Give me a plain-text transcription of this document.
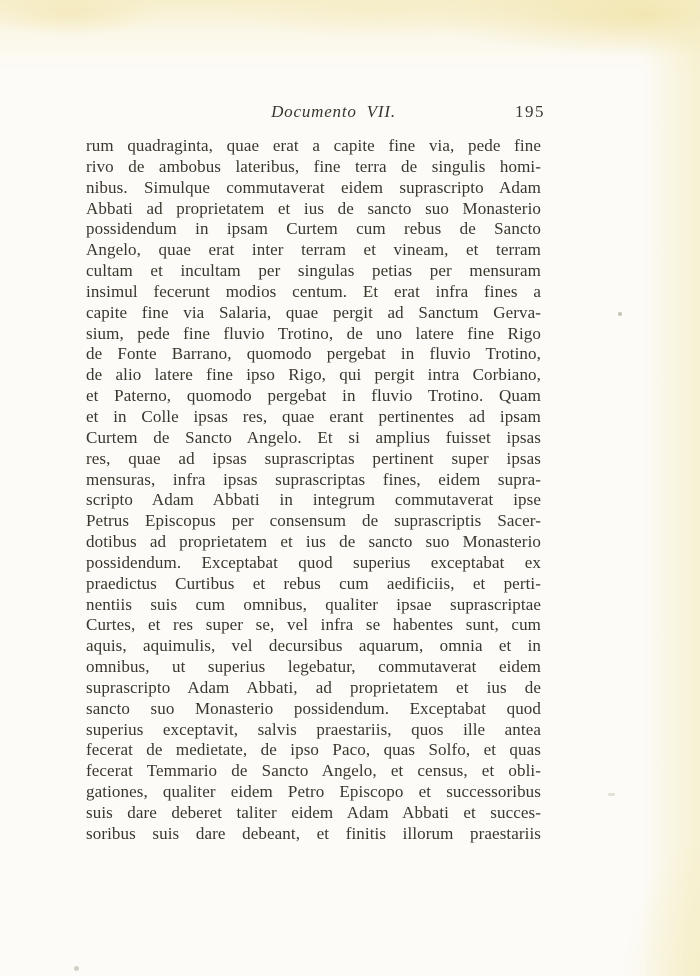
Documento VII.	195
rum quadraginta, quae erat a capite fine via, pede fine
rivo de ambobus lateribus, fine terra de singulis homi-
nibus. Simulque commutaverat eidem suprascripto Adam
Abbati ad proprietatem et ius de sancto suo Monasterio
possidendum in ipsam Curtem cum rebus de Sancto
Angelo, quae erat inter terram et vineam, et terram
cultam et incultam per singulas petias per mensuram
insimul fecerunt modios centum. Et erat infra fines a
capite fine via Salaria, quae pergit ad Sanctum Gerva-
sium, pede fine fluvio Trotino, de uno latere fine Rigo
de Fonte Barrano, quomodo pergebat in fluvio Trotino,
de alio latere fine ipso Rigo, qui pergit intra Corbiano,
et Paterno, quomodo pergebat in fluvio Trotino. Quam
et in Colle ipsas res, quae erant pertinentes ad ipsam
Curtem de Sancto Angelo. Et si amplius fuisset ipsas
res, quae ad ipsas suprascriptas pertinent super ipsas
mensuras, infra ipsas suprascriptas fines, eidem supra-
scripto Adam Abbati in integrum commutaverat ipse
Petrus Episcopus per consensum de suprascriptis Sacer-
dotibus ad proprietatem et ius de sancto suo Monasterio
possidendum. Exceptabat quod superius exceptabat ex
praedictus Curtibus et rebus cum aedificiis, et perti-
nentiis suis cum omnibus, qualiter ipsae suprascriptae
Curtes, et res super se, vel infra se habentes sunt, cum
aquis, aquimulis, vel decursibus aquarum, omnia et in
omnibus, ut superius legebatur, commutaverat eidem
suprascripto Adam Abbati, ad proprietatem et ius de
sancto suo Monasterio possidendum. Exceptabat quod
superius exceptavit, salvis praestariis, quos ille antea
fecerat de medietate, de ipso Paco, quas Solfo, et quas
fecerat Temmario de Sancto Angelo, et census, et obli-
gationes, qualiter eidem Petro Episcopo et successoribus
suis dare deberet taliter eidem Adam Abbati et succes-
soribus suis dare debeant, et finitis illorum praestariis
